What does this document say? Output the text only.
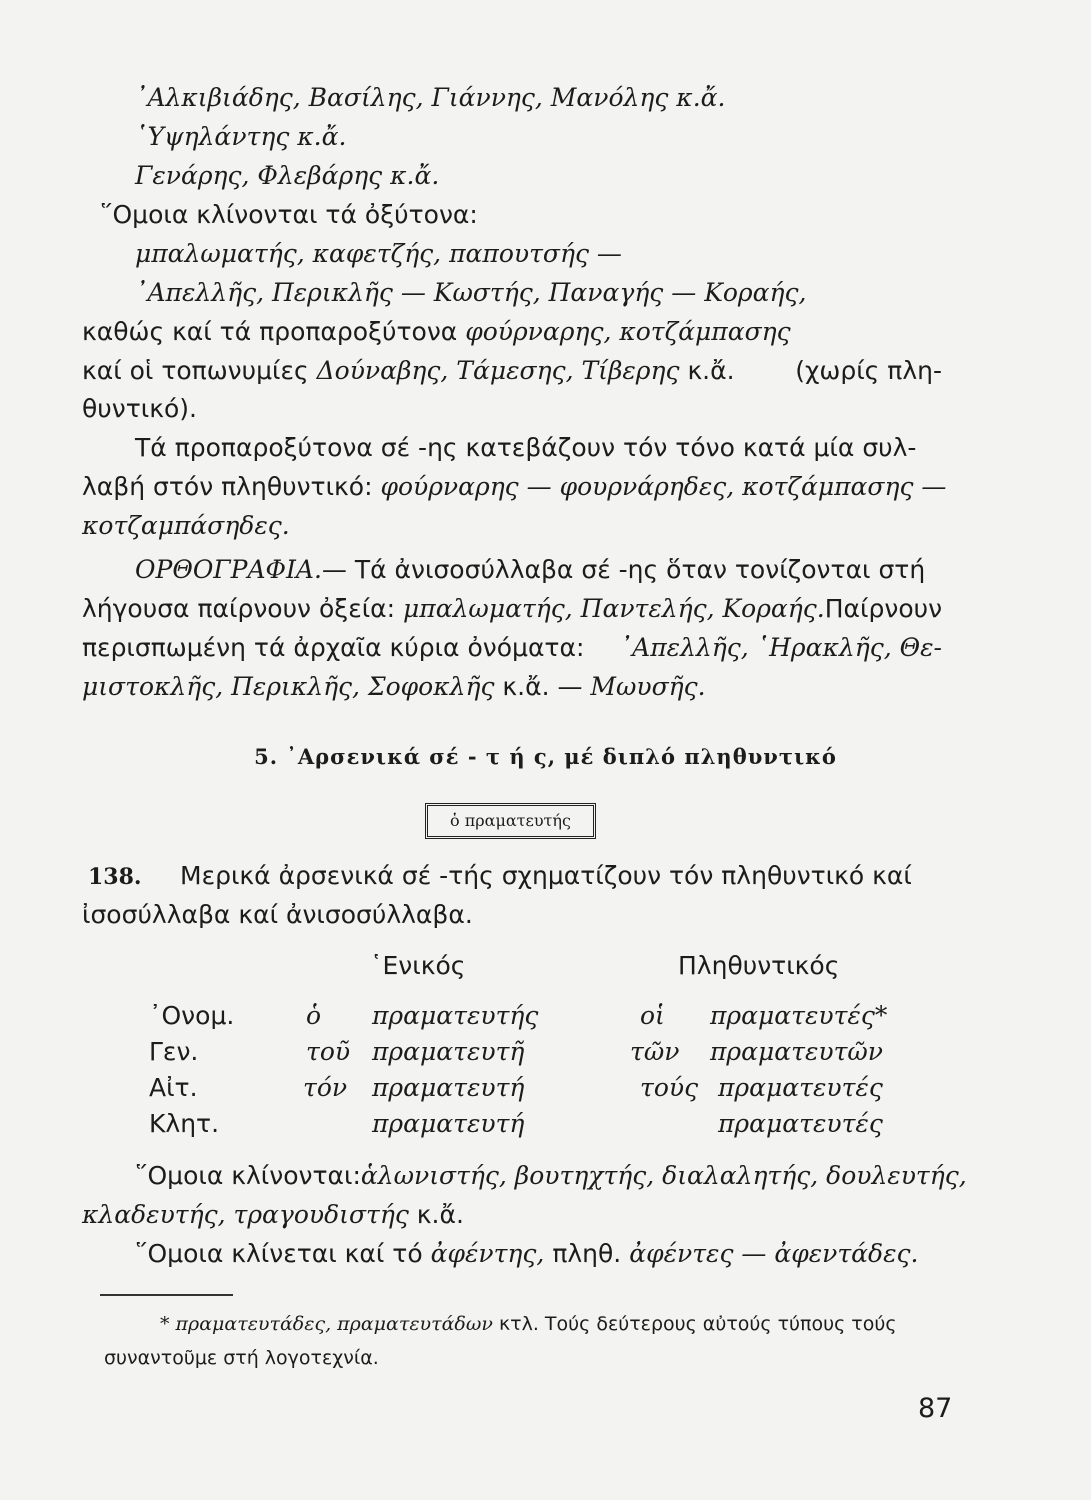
᾿Αλκιβιάδης, Βασίλης, Γιάννης, Μανόλης κ.ἄ.
῾Υψηλάντης κ.ἄ.
Γενάρης, Φλεβάρης κ.ἄ.
῞Ομοια κλίνονται τά ὀξύτονα:
μπαλωματής, καφετζής, παπουτσής —
᾿Απελλῆς, Περικλῆς — Κωστής, Παναγής — Κοραής,
καθώς καί τά προπαροξύτονα φούρναρης, κοτζάμπασης
καί οἱ τοπωνυμίες Δούναβης, Τάμεσης, Τίβερης κ.ἄ. (χωρίς πλη-
θυντικό).
Τά προπαροξύτονα σέ -ης κατεβάζουν τόν τόνο κατά μία συλ-
λαβή στόν πληθυντικό: φούρναρης — φουρνάρηδες, κοτζάμπασης —
κοτζαμπάσηδες.
ΟΡΘΟΓΡΑΦΙΑ.— Τά ἀνισοσύλλαβα σέ -ης ὅταν τονίζονται στή
λήγουσα παίρνουν ὀξεία: μπαλωματής, Παντελής, Κοραής. Παίρνουν
περισπωμένη τά ἀρχαῖα κύρια ὀνόματα: ᾿Απελλῆς, ῾Ηρακλῆς, Θε-
μιστοκλῆς, Περικλῆς, Σοφοκλῆς κ.ἄ. — Μωυσῆς.
5. ᾿Αρσενικά σέ - τ ή ς, μέ διπλό πληθυντικό
ὁ πραματευτής
138. Μερικά ἀρσενικά σέ -τής σχηματίζουν τόν πληθυντικό καί
ἰσοσύλλαβα καί ἀνισοσύλλαβα.
῾Ενικός	Πληθυντικός
᾿Ονομ.	ὁ πραματευτής	οἱ πραματευτές*
Γεν.	τοῦ πραματευτῆ	τῶν πραματευτῶν
Αἰτ.	τόν πραματευτή	τούς πραματευτές
Κλητ.	πραματευτή	πραματευτές
῞Ομοια κλίνονται: ἁλωνιστής, βουτηχτής, διαλαλητής, δουλευτής,
κλαδευτής, τραγουδιστής κ.ἄ.
῞Ομοια κλίνεται καί τό ἀφέντης, πληθ. ἀφέντες — ἀφεντάδες.
* πραματευτάδες, πραματευτάδων κτλ. Τούς δεύτερους αὐτούς τύπους τούς
συναντοῦμε στή λογοτεχνία.
87
